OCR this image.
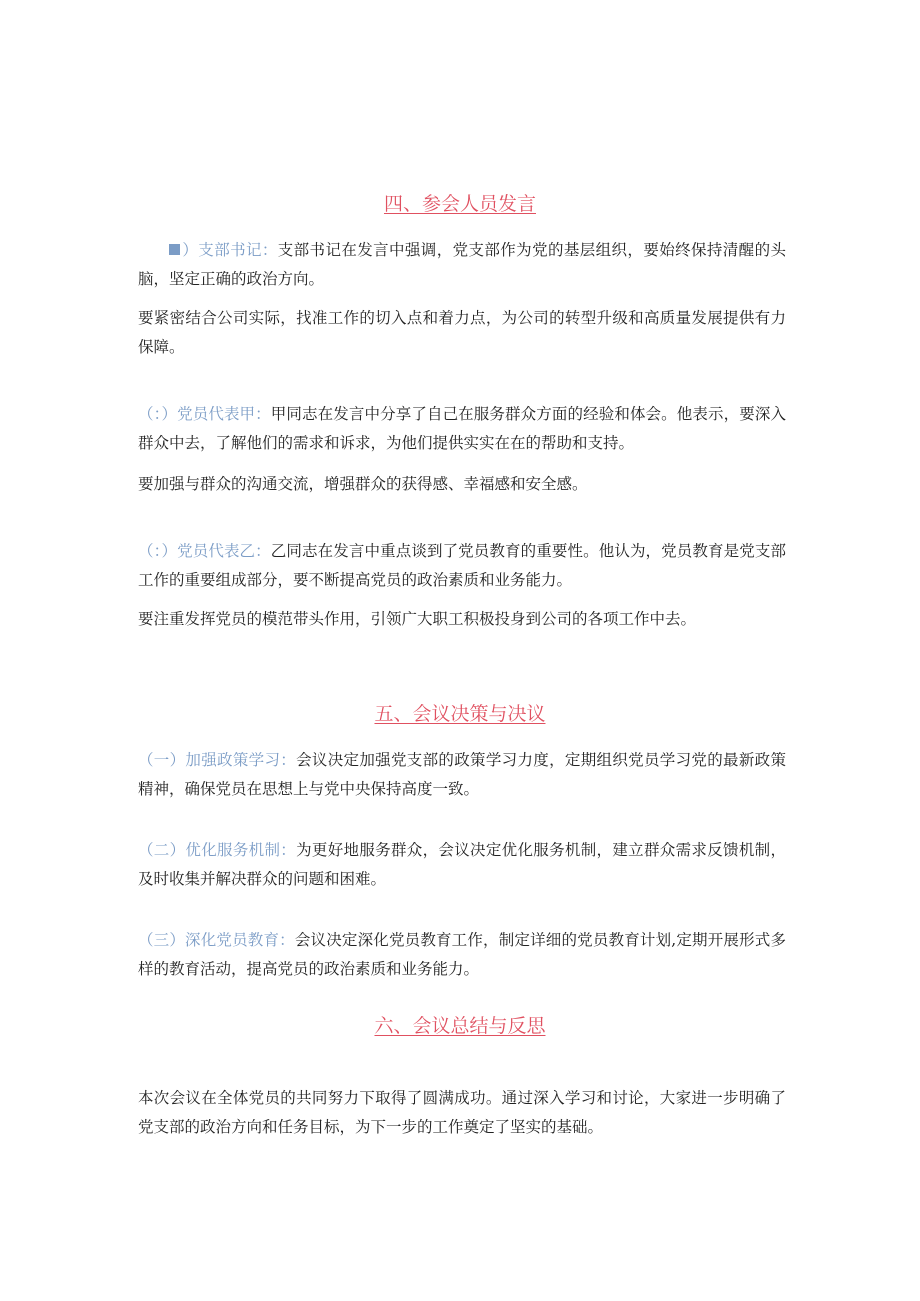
四、参会人员发言

）支部书记：支部书记在发言中强调，党支部作为党的基层组织，要始终保持清醒的头脑，坚定正确的政治方向。

要紧密结合公司实际，找准工作的切入点和着力点，为公司的转型升级和高质量发展提供有力保障。

（：）党员代表甲：甲同志在发言中分享了自己在服务群众方面的经验和体会。他表示，要深入群众中去，了解他们的需求和诉求，为他们提供实实在在的帮助和支持。

要加强与群众的沟通交流，增强群众的获得感、幸福感和安全感。

（：）党员代表乙：乙同志在发言中重点谈到了党员教育的重要性。他认为，党员教育是党支部工作的重要组成部分，要不断提高党员的政治素质和业务能力。

要注重发挥党员的模范带头作用，引领广大职工积极投身到公司的各项工作中去。

五、会议决策与决议

（一）加强政策学习：会议决定加强党支部的政策学习力度，定期组织党员学习党的最新政策精神，确保党员在思想上与党中央保持高度一致。

（二）优化服务机制：为更好地服务群众，会议决定优化服务机制，建立群众需求反馈机制，及时收集并解决群众的问题和困难。

（三）深化党员教育：会议决定深化党员教育工作，制定详细的党员教育计划,定期开展形式多样的教育活动，提高党员的政治素质和业务能力。

六、会议总结与反思

本次会议在全体党员的共同努力下取得了圆满成功。通过深入学习和讨论，大家进一步明确了党支部的政治方向和任务目标，为下一步的工作奠定了坚实的基础。
